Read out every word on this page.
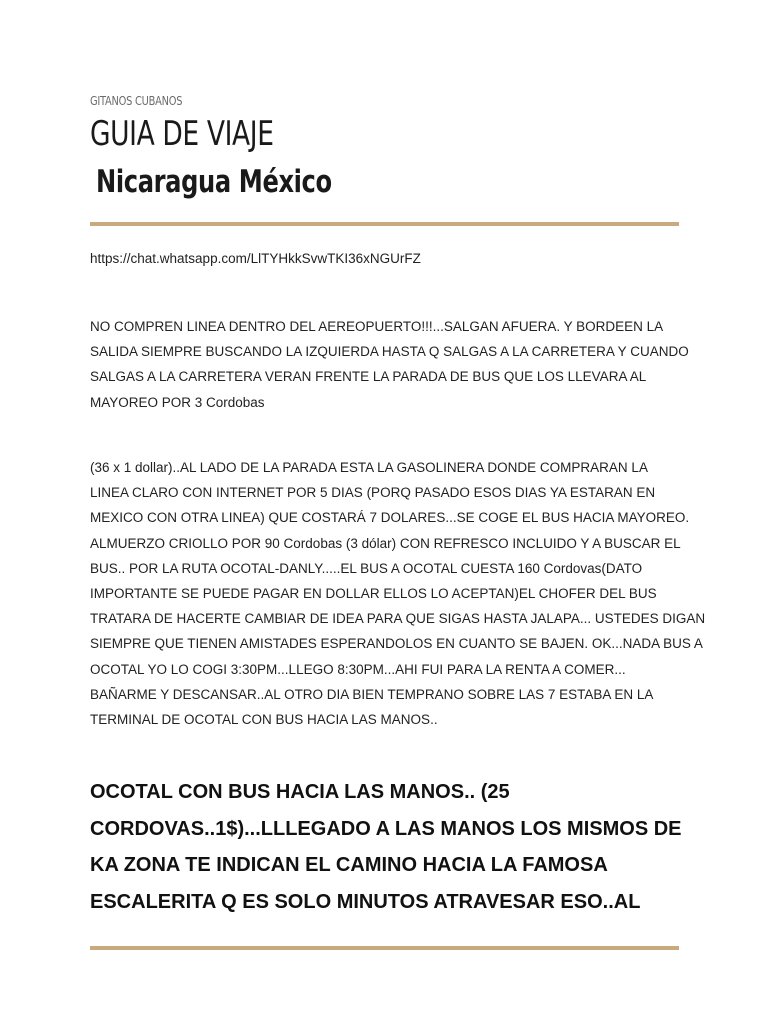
GITANOS CUBANOS
GUIA DE VIAJE
Nicaragua México
https://chat.whatsapp.com/LlTYHkkSvwTKI36xNGUrFZ

NO COMPREN LINEA DENTRO DEL AEREOPUERTO!!!...SALGAN AFUERA. Y BORDEEN LA
SALIDA SIEMPRE BUSCANDO LA IZQUIERDA HASTA Q SALGAS A LA CARRETERA Y CUANDO
SALGAS A LA CARRETERA VERAN FRENTE LA PARADA DE BUS QUE LOS LLEVARA AL
MAYOREO POR 3 Cordobas

(36 x 1 dollar)..AL LADO DE LA PARADA ESTA LA GASOLINERA DONDE COMPRARAN LA
LINEA CLARO CON INTERNET POR 5 DIAS (PORQ PASADO ESOS DIAS YA ESTARAN EN
MEXICO CON OTRA LINEA) QUE COSTARÁ 7 DOLARES...SE COGE EL BUS HACIA MAYOREO.
ALMUERZO CRIOLLO POR 90 Cordobas (3 dólar) CON REFRESCO INCLUIDO Y A BUSCAR EL
BUS.. POR LA RUTA OCOTAL-DANLY.....EL BUS A OCOTAL CUESTA 160 Cordovas(DATO
IMPORTANTE SE PUEDE PAGAR EN DOLLAR ELLOS LO ACEPTAN)EL CHOFER DEL BUS
TRATARA DE HACERTE CAMBIAR DE IDEA PARA QUE SIGAS HASTA JALAPA... USTEDES DIGAN
SIEMPRE QUE TIENEN AMISTADES ESPERANDOLOS EN CUANTO SE BAJEN. OK...NADA BUS A
OCOTAL YO LO COGI 3:30PM...LLEGO 8:30PM...AHI FUI PARA LA RENTA A COMER...
BAÑARME Y DESCANSAR..AL OTRO DIA BIEN TEMPRANO SOBRE LAS 7 ESTABA EN LA
TERMINAL DE OCOTAL CON BUS HACIA LAS MANOS..

OCOTAL CON BUS HACIA LAS MANOS.. (25
CORDOVAS..1$)...LLLEGADO A LAS MANOS LOS MISMOS DE
KA ZONA TE INDICAN EL CAMINO HACIA LA FAMOSA
ESCALERITA Q ES SOLO MINUTOS ATRAVESAR ESO..AL
